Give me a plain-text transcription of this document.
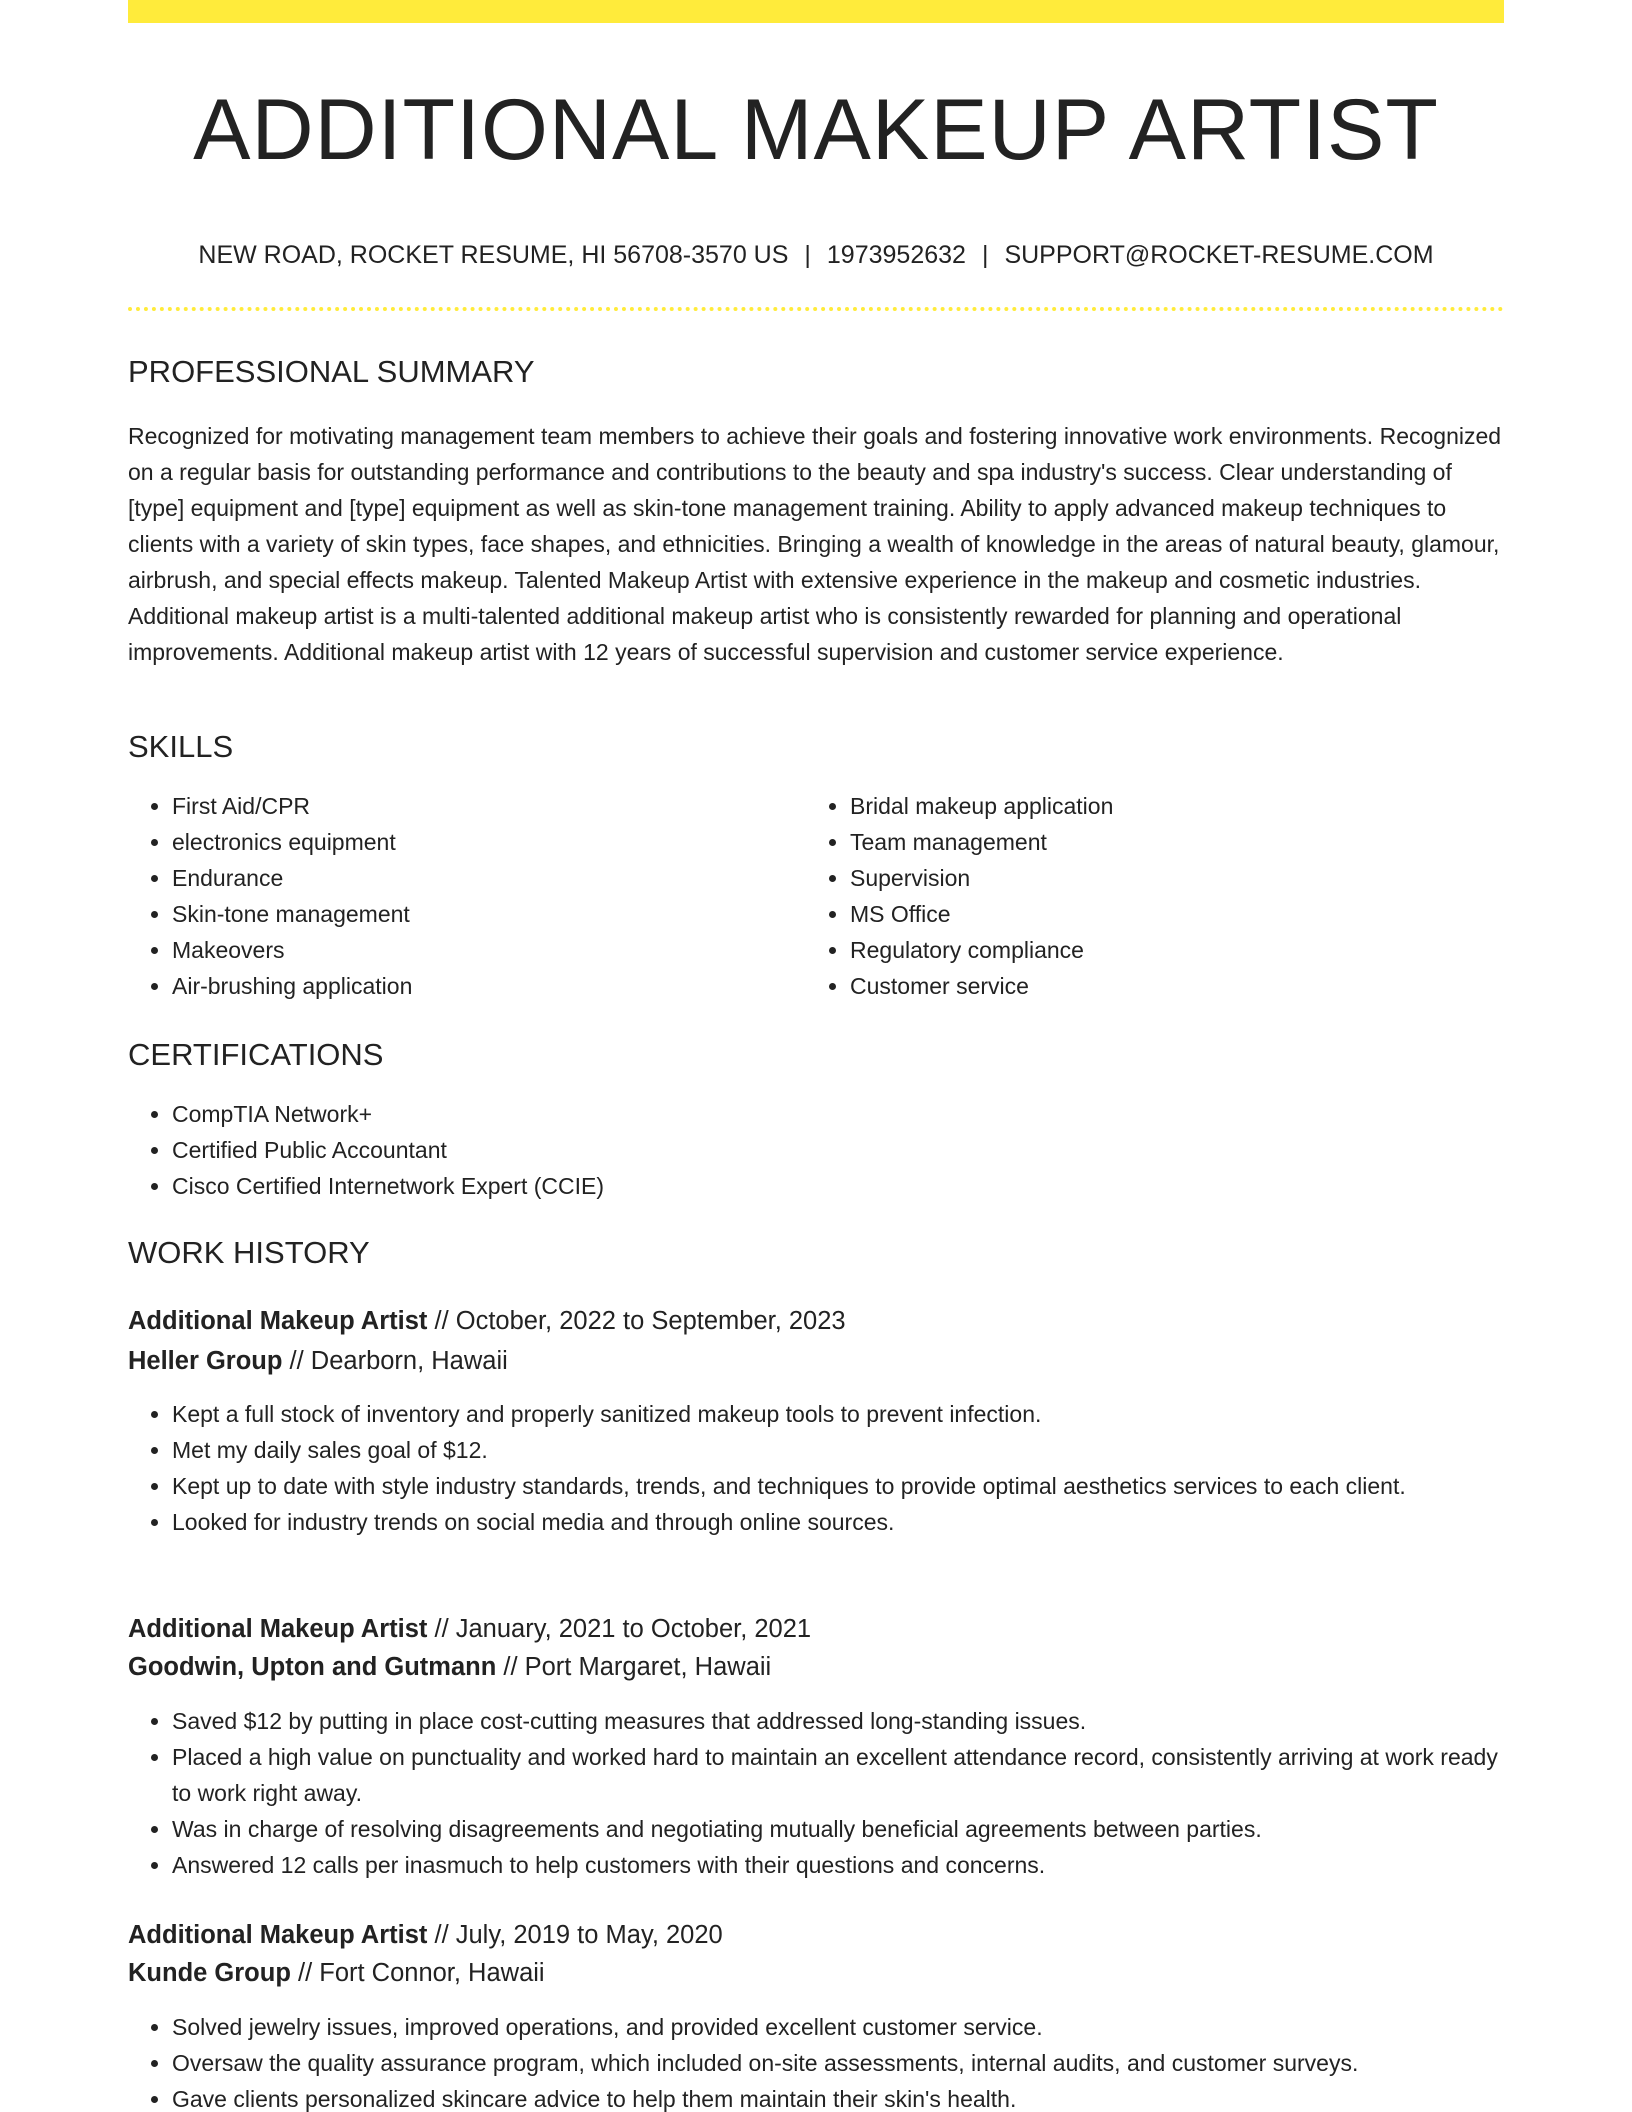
ADDITIONAL MAKEUP ARTIST
NEW ROAD, ROCKET RESUME, HI 56708-3570 US | 1973952632 | SUPPORT@ROCKET-RESUME.COM
PROFESSIONAL SUMMARY

Recognized for motivating management team members to achieve their goals and fostering innovative work environments. Recognized on a regular basis for outstanding performance and contributions to the beauty and spa industry's success. Clear understanding of [type] equipment and [type] equipment as well as skin-tone management training. Ability to apply advanced makeup techniques to clients with a variety of skin types, face shapes, and ethnicities. Bringing a wealth of knowledge in the areas of natural beauty, glamour, airbrush, and special effects makeup. Talented Makeup Artist with extensive experience in the makeup and cosmetic industries. Additional makeup artist is a multi-talented additional makeup artist who is consistently rewarded for planning and operational improvements. Additional makeup artist with 12 years of successful supervision and customer service experience.

SKILLS
• First Aid/CPR
• electronics equipment
• Endurance
• Skin-tone management
• Makeovers
• Air-brushing application
• Bridal makeup application
• Team management
• Supervision
• MS Office
• Regulatory compliance
• Customer service
CERTIFICATIONS
• CompTIA Network+
• Certified Public Accountant
• Cisco Certified Internetwork Expert (CCIE)
WORK HISTORY
Additional Makeup Artist // October, 2022 to September, 2023
Heller Group // Dearborn, Hawaii
• Kept a full stock of inventory and properly sanitized makeup tools to prevent infection.
• Met my daily sales goal of $12.
• Kept up to date with style industry standards, trends, and techniques to provide optimal aesthetics services to each client.
• Looked for industry trends on social media and through online sources.
Additional Makeup Artist // January, 2021 to October, 2021
Goodwin, Upton and Gutmann // Port Margaret, Hawaii
• Saved $12 by putting in place cost-cutting measures that addressed long-standing issues.
• Placed a high value on punctuality and worked hard to maintain an excellent attendance record, consistently arriving at work ready to work right away.
• Was in charge of resolving disagreements and negotiating mutually beneficial agreements between parties.
• Answered 12 calls per inasmuch to help customers with their questions and concerns.
Additional Makeup Artist // July, 2019 to May, 2020
Kunde Group // Fort Connor, Hawaii
• Solved jewelry issues, improved operations, and provided excellent customer service.
• Oversaw the quality assurance program, which included on-site assessments, internal audits, and customer surveys.
• Gave clients personalized skincare advice to help them maintain their skin's health.
